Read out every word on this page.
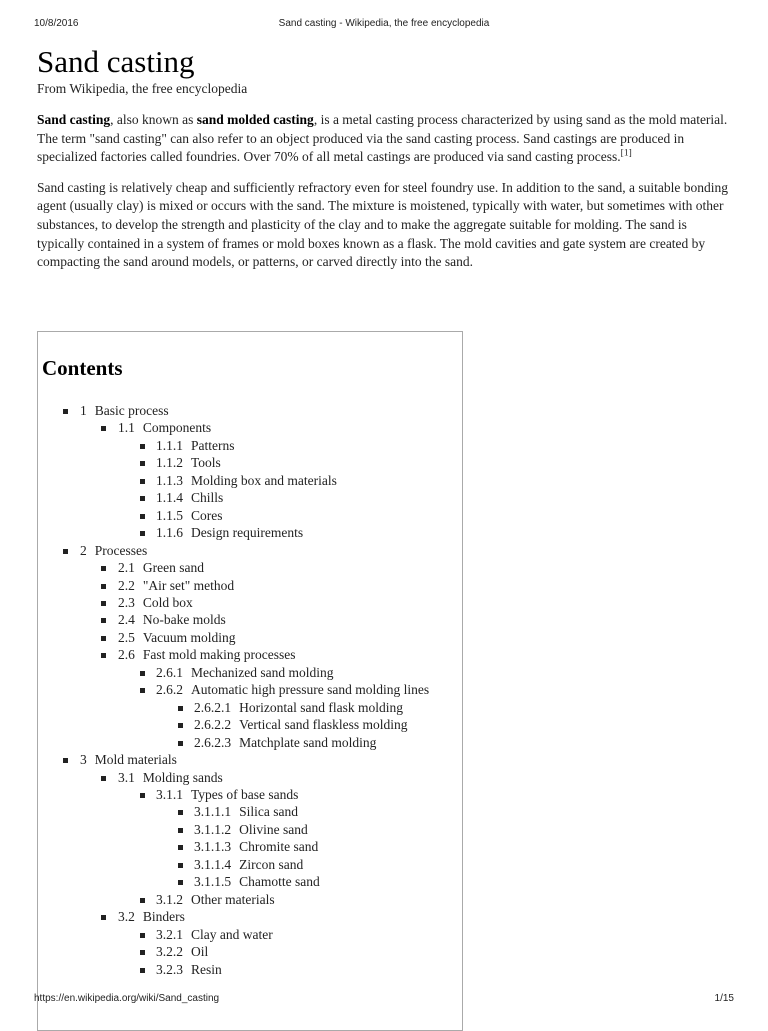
10/8/2016	Sand casting - Wikipedia, the free encyclopedia
Sand casting
From Wikipedia, the free encyclopedia

Sand casting, also known as sand molded casting, is a metal casting process characterized by using sand as the mold material. The term "sand casting" can also refer to an object produced via the sand casting process. Sand castings are produced in specialized factories called foundries. Over 70% of all metal castings are produced via sand casting process.[1]

Sand casting is relatively cheap and sufficiently refractory even for steel foundry use. In addition to the sand, a suitable bonding agent (usually clay) is mixed or occurs with the sand. The mixture is moistened, typically with water, but sometimes with other substances, to develop the strength and plasticity of the clay and to make the aggregate suitable for molding. The sand is typically contained in a system of frames or mold boxes known as a flask. The mold cavities and gate system are created by compacting the sand around models, or patterns, or carved directly into the sand.

Contents
1 Basic process
1.1 Components
1.1.1 Patterns
1.1.2 Tools
1.1.3 Molding box and materials
1.1.4 Chills
1.1.5 Cores
1.1.6 Design requirements
2 Processes
2.1 Green sand
2.2 "Air set" method
2.3 Cold box
2.4 No-bake molds
2.5 Vacuum molding
2.6 Fast mold making processes
2.6.1 Mechanized sand molding
2.6.2 Automatic high pressure sand molding lines
2.6.2.1 Horizontal sand flask molding
2.6.2.2 Vertical sand flaskless molding
2.6.2.3 Matchplate sand molding
3 Mold materials
3.1 Molding sands
3.1.1 Types of base sands
3.1.1.1 Silica sand
3.1.1.2 Olivine sand
3.1.1.3 Chromite sand
3.1.1.4 Zircon sand
3.1.1.5 Chamotte sand
3.1.2 Other materials
3.2 Binders
3.2.1 Clay and water
3.2.2 Oil
3.2.3 Resin
https://en.wikipedia.org/wiki/Sand_casting	1/15
